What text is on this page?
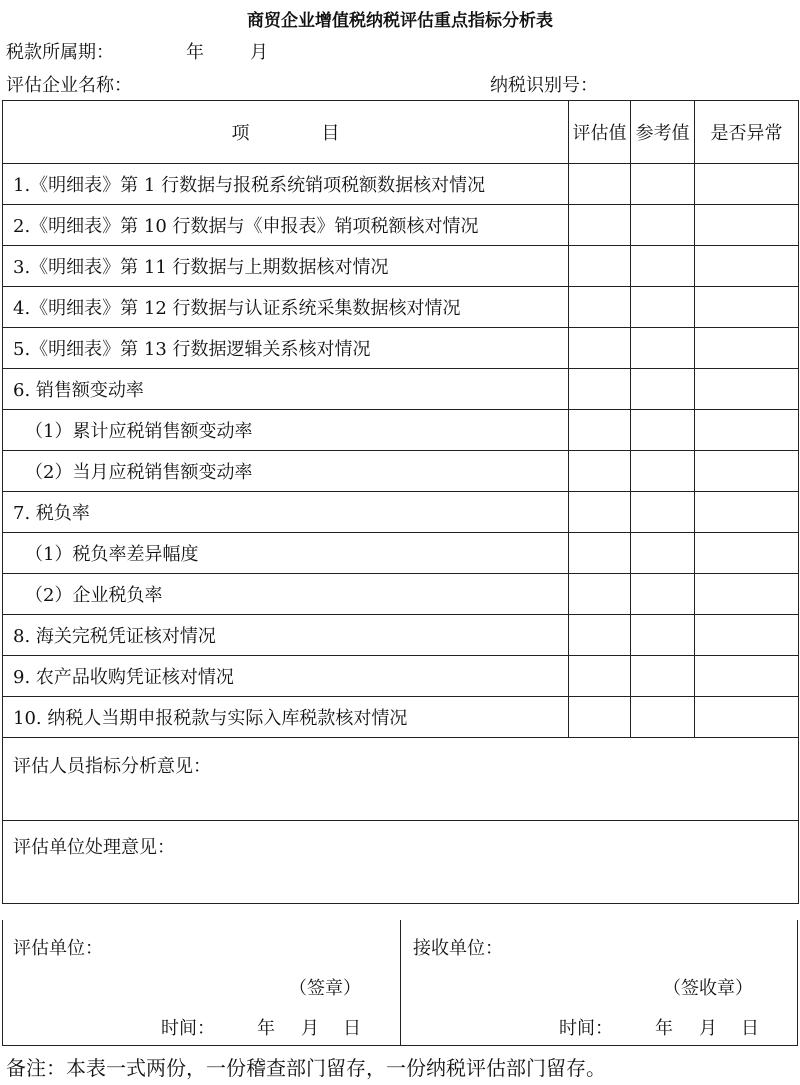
商贸企业增值税纳税评估重点指标分析表
税款所属期：	年	月
评估企业名称：	纳税识别号：
项　　　　目	评估值	参考值	是否异常
1.《明细表》第 1 行数据与报税系统销项税额数据核对情况			
2.《明细表》第 10 行数据与《申报表》销项税额核对情况			
3.《明细表》第 11 行数据与上期数据核对情况			
4.《明细表》第 12 行数据与认证系统采集数据核对情况			
5.《明细表》第 13 行数据逻辑关系核对情况			
6. 销售额变动率			
（1）累计应税销售额变动率			
（2）当月应税销售额变动率			
7. 税负率			
（1）税负率差异幅度			
（2）企业税负率			
8. 海关完税凭证核对情况			
9. 农产品收购凭证核对情况			
10. 纳税人当期申报税款与实际入库税款核对情况			

评估人员指标分析意见：			

评估单位处理意见：			
评估单位：
（签章）
时间： 年 月 日
接收单位：
（签收章）
时间： 年 月 日
备注：本表一式两份，一份稽查部门留存，一份纳税评估部门留存。
